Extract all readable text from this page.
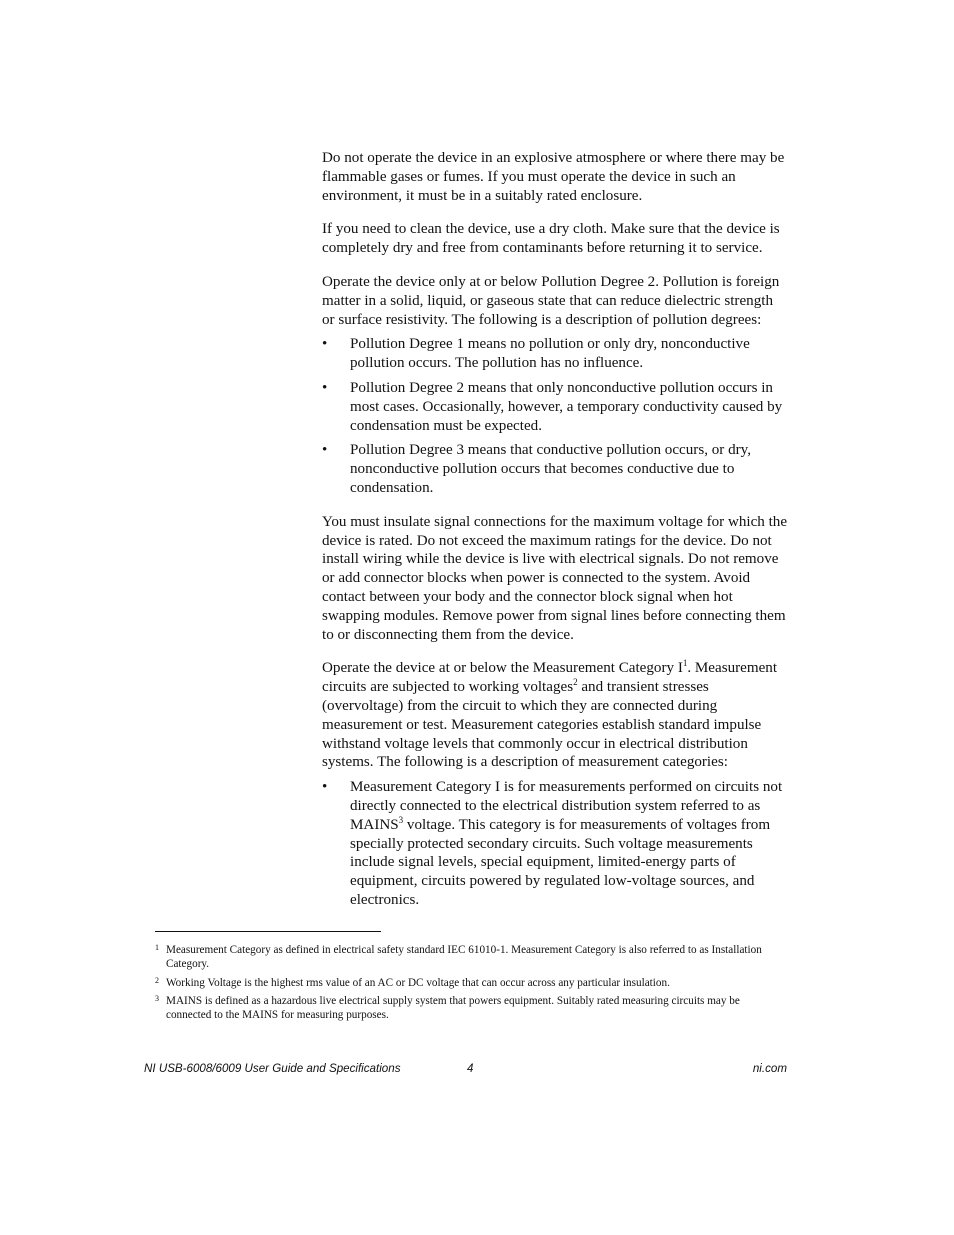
Do not operate the device in an explosive atmosphere or where there may be flammable gases or fumes. If you must operate the device in such an environment, it must be in a suitably rated enclosure.

If you need to clean the device, use a dry cloth. Make sure that the device is completely dry and free from contaminants before returning it to service.

Operate the device only at or below Pollution Degree 2. Pollution is foreign matter in a solid, liquid, or gaseous state that can reduce dielectric strength or surface resistivity. The following is a description of pollution degrees:

• Pollution Degree 1 means no pollution or only dry, nonconductive pollution occurs. The pollution has no influence.
• Pollution Degree 2 means that only nonconductive pollution occurs in most cases. Occasionally, however, a temporary conductivity caused by condensation must be expected.
• Pollution Degree 3 means that conductive pollution occurs, or dry, nonconductive pollution occurs that becomes conductive due to condensation.

You must insulate signal connections for the maximum voltage for which the device is rated. Do not exceed the maximum ratings for the device. Do not install wiring while the device is live with electrical signals. Do not remove or add connector blocks when power is connected to the system. Avoid contact between your body and the connector block signal when hot swapping modules. Remove power from signal lines before connecting them to or disconnecting them from the device.

Operate the device at or below the Measurement Category $I^1$. Measurement circuits are subjected to working voltages$^2$ and transient stresses (overvoltage) from the circuit to which they are connected during measurement or test. Measurement categories establish standard impulse withstand voltage levels that commonly occur in electrical distribution systems. The following is a description of measurement categories:

• Measurement Category I is for measurements performed on circuits not directly connected to the electrical distribution system referred to as MAINS$^3$ voltage. This category is for measurements of voltages from specially protected secondary circuits. Such voltage measurements include signal levels, special equipment, limited-energy parts of equipment, circuits powered by regulated low-voltage sources, and electronics.
1 Measurement Category as defined in electrical safety standard IEC 61010-1. Measurement Category is also referred to as Installation Category.
2 Working Voltage is the highest rms value of an AC or DC voltage that can occur across any particular insulation.
3 MAINS is defined as a hazardous live electrical supply system that powers equipment. Suitably rated measuring circuits may be connected to the MAINS for measuring purposes.
NI USB-6008/6009 User Guide and Specifications	4	ni.com
